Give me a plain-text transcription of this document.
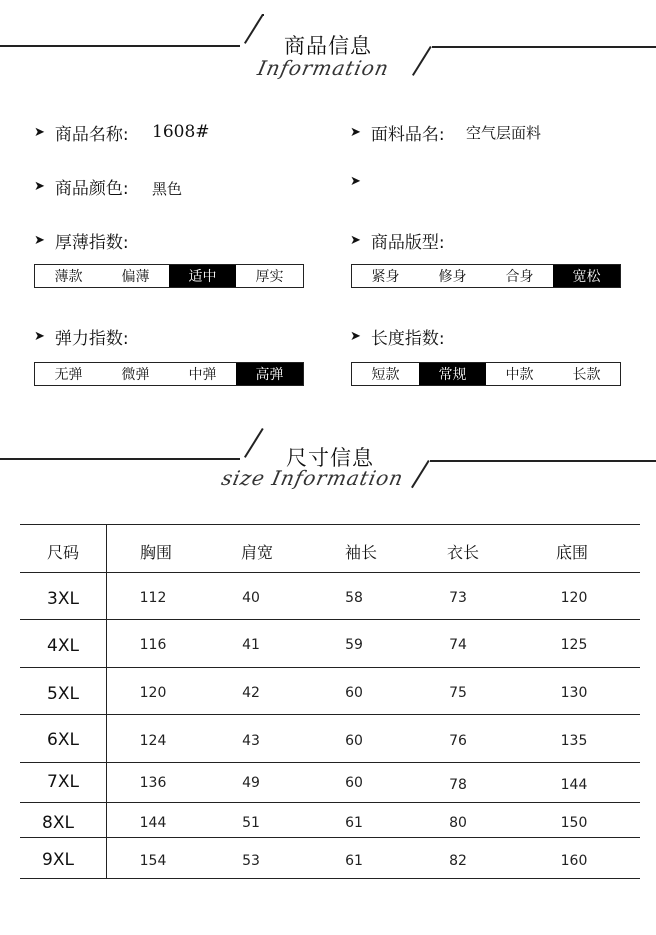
商品信息
Information
➤ 商品名称: 1608#	➤ 面料品名: 空气层面料
➤ 商品颜色: 黑色	➤
➤ 厚薄指数:
薄款	偏薄	适中	厚实
➤ 商品版型:
紧身	修身	合身	宽松
➤ 弹力指数:
无弹	微弹	中弹	高弹
➤ 长度指数:
短款	常规	中款	长款
尺寸信息
size Information
尺码	胸围	肩宽	袖长	衣长	底围
3XL	112	40	58	73	120
4XL	116	41	59	74	125
5XL	120	42	60	75	130
6XL	124	43	60	76	135
7XL	136	49	60	78	144
8XL	144	51	61	80	150
9XL	154	53	61	82	160
